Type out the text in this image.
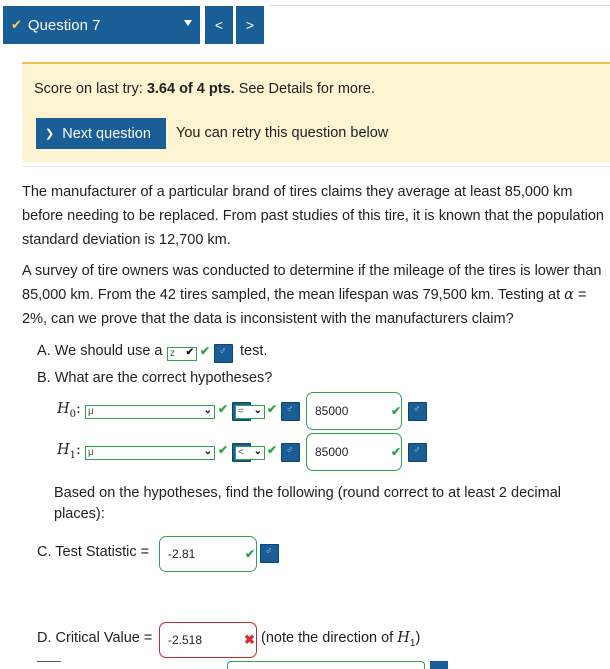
✔ Question 7	< >
Score on last try: 3.64 of 4 pts. See Details for more.
❯ Next question You can retry this question below
The manufacturer of a particular brand of tires claims they average at least 85,000 km before needing to be replaced. From past studies of this tire, it is known that the population standard deviation is 12,700 km.
A survey of tire owners was conducted to determine if the mileage of the tires is lower than 85,000 km. From the 42 tires sampled, the mean lifespan was 79,500 km. Testing at α = 2%, can we prove that the data is inconsistent with the manufacturers claim?
A. We should use a z ✔ ✔ ♂ test.
B. What are the correct hypotheses?
$H_0$: μ	⌄ ✔ ♂ = ⌄ ✔ ♂	85000	✔
♂
$H_1$: μ	⌄ ✔ ♂ < ⌄ ✔ ♂	85000	✔
♂
Based on the hypotheses, find the following (round correct to at least 2 decimal places):
C. Test Statistic = -2.81	✔
♂
D. Critical Value = -2.518	✖ (note the direction of $H_1$)
